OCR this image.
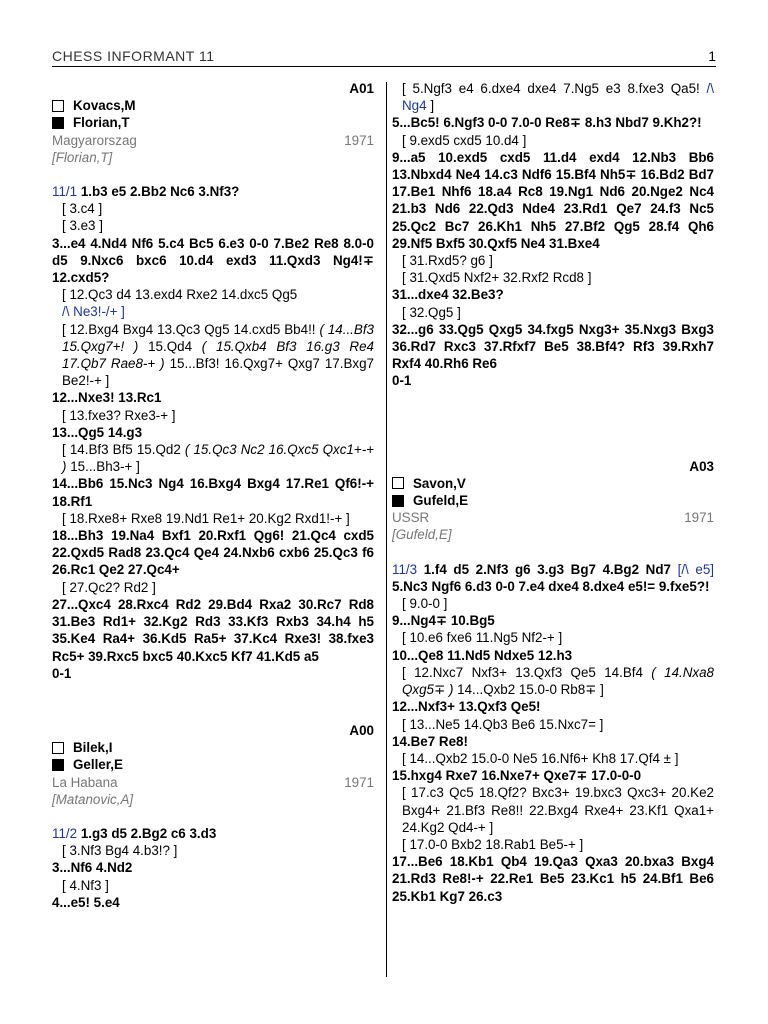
CHESS INFORMANT 11	1
A01
Kovacs,M
Florian,T
Magyarorszag	1971
[Florian,T]
11/1 1.b3 e5 2.Bb2 Nc6 3.Nf3?
[ 3.c4 ]
[ 3.e3 ]
3...e4 4.Nd4 Nf6 5.c4 Bc5 6.e3 0-0 7.Be2 Re8 8.0-0 d5 9.Nxc6 bxc6 10.d4 exd3 11.Qxd3 Ng4!∓ 12.cxd5?
[ 12.Qc3 d4 13.exd4 Rxe2 14.dxc5 Qg5
/\ Ne3!-/+ ]
[ 12.Bxg4 Bxg4 13.Qc3 Qg5 14.cxd5 Bb4!! ( 14...Bf3 15.Qxg7+! ) 15.Qd4 ( 15.Qxb4 Bf3 16.g3 Re4 17.Qb7 Rae8-+ ) 15...Bf3! 16.Qxg7+ Qxg7 17.Bxg7 Be2!-+ ]
12...Nxe3! 13.Rc1
[ 13.fxe3? Rxe3-+ ]
13...Qg5 14.g3
[ 14.Bf3 Bf5 15.Qd2 ( 15.Qc3 Nc2 16.Qxc5 Qxc1+-+ ) 15...Bh3-+ ]
14...Bb6 15.Nc3 Ng4 16.Bxg4 Bxg4 17.Re1 Qf6!-+ 18.Rf1
[ 18.Rxe8+ Rxe8 19.Nd1 Re1+ 20.Kg2 Rxd1!-+ ]
18...Bh3 19.Na4 Bxf1 20.Rxf1 Qg6! 21.Qc4 cxd5 22.Qxd5 Rad8 23.Qc4 Qe4 24.Nxb6 cxb6 25.Qc3 f6 26.Rc1 Qe2 27.Qc4+
[ 27.Qc2? Rd2 ]
27...Qxc4 28.Rxc4 Rd2 29.Bd4 Rxa2 30.Rc7 Rd8 31.Be3 Rd1+ 32.Kg2 Rd3 33.Kf3 Rxb3 34.h4 h5 35.Ke4 Ra4+ 36.Kd5 Ra5+ 37.Kc4 Rxe3! 38.fxe3 Rc5+ 39.Rxc5 bxc5 40.Kxc5 Kf7 41.Kd5 a5
0-1
A00
Bilek,I
Geller,E
La Habana	1971
[Matanovic,A]
11/2 1.g3 d5 2.Bg2 c6 3.d3
[ 3.Nf3 Bg4 4.b3!? ]
3...Nf6 4.Nd2
[ 4.Nf3 ]
4...e5! 5.e4
[ 5.Ngf3 e4 6.dxe4 dxe4 7.Ng5 e3 8.fxe3 Qa5! /\ Ng4 ]
5...Bc5! 6.Ngf3 0-0 7.0-0 Re8∓ 8.h3 Nbd7 9.Kh2?!
[ 9.exd5 cxd5 10.d4 ]
9...a5 10.exd5 cxd5 11.d4 exd4 12.Nb3 Bb6 13.Nbxd4 Ne4 14.c3 Ndf6 15.Bf4 Nh5∓ 16.Bd2 Bd7 17.Be1 Nhf6 18.a4 Rc8 19.Ng1 Nd6 20.Nge2 Nc4 21.b3 Nd6 22.Qd3 Nde4 23.Rd1 Qe7 24.f3 Nc5 25.Qc2 Bc7 26.Kh1 Nh5 27.Bf2 Qg5 28.f4 Qh6 29.Nf5 Bxf5 30.Qxf5 Ne4 31.Bxe4
[ 31.Rxd5? g6 ]
[ 31.Qxd5 Nxf2+ 32.Rxf2 Rcd8 ]
31...dxe4 32.Be3?
[ 32.Qg5 ]
32...g6 33.Qg5 Qxg5 34.fxg5 Nxg3+ 35.Nxg3 Bxg3 36.Rd7 Rxc3 37.Rfxf7 Be5 38.Bf4? Rf3 39.Rxh7 Rxf4 40.Rh6 Re6
0-1
A03
Savon,V
Gufeld,E
USSR	1971
[Gufeld,E]
11/3 1.f4 d5 2.Nf3 g6 3.g3 Bg7 4.Bg2 Nd7 [/\ e5] 5.Nc3 Ngf6 6.d3 0-0 7.e4 dxe4 8.dxe4 e5!= 9.fxe5?!
[ 9.0-0 ]
9...Ng4∓ 10.Bg5
[ 10.e6 fxe6 11.Ng5 Nf2-+ ]
10...Qe8 11.Nd5 Ndxe5 12.h3
[ 12.Nxc7 Nxf3+ 13.Qxf3 Qe5 14.Bf4 ( 14.Nxa8 Qxg5∓ ) 14...Qxb2 15.0-0 Rb8∓ ]
12...Nxf3+ 13.Qxf3 Qe5!
[ 13...Ne5 14.Qb3 Be6 15.Nxc7= ]
14.Be7 Re8!
[ 14...Qxb2 15.0-0 Ne5 16.Nf6+ Kh8 17.Qf4 ± ]
15.hxg4 Rxe7 16.Nxe7+ Qxe7∓ 17.0-0-0
[ 17.c3 Qc5 18.Qf2? Bxc3+ 19.bxc3 Qxc3+ 20.Ke2 Bxg4+ 21.Bf3 Re8!! 22.Bxg4 Rxe4+ 23.Kf1 Qxa1+ 24.Kg2 Qd4-+ ]
[ 17.0-0 Bxb2 18.Rab1 Be5-+ ]
17...Be6 18.Kb1 Qb4 19.Qa3 Qxa3 20.bxa3 Bxg4 21.Rd3 Re8!-+ 22.Re1 Be5 23.Kc1 h5 24.Bf1 Be6 25.Kb1 Kg7 26.c3
